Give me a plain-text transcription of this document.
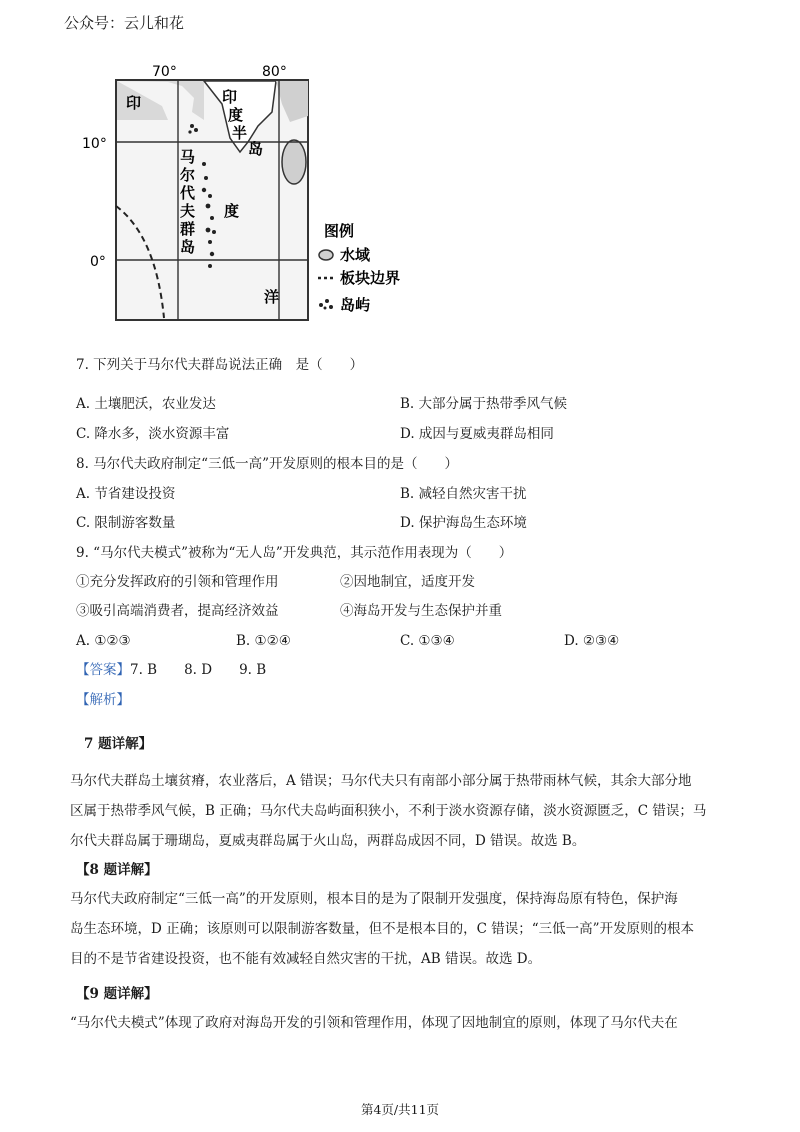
公众号：云儿和花
70°	80°
10°
0°
印	印
度
半
岛
马
尔
代
夫
群
岛
度
洋
图例
水域
板块边界
岛屿
7. 下列关于马尔代夫群岛说法正确　是（　　）
A. 土壤肥沃，农业发达	B. 大部分属于热带季风气候
C. 降水多，淡水资源丰富	D. 成因与夏威夷群岛相同
8. 马尔代夫政府制定“三低一高”开发原则的根本目的是（　　）
A. 节省建设投资	B. 减轻自然灾害干扰
C. 限制游客数量	D. 保护海岛生态环境
9. “马尔代夫模式”被称为“无人岛”开发典范，其示范作用表现为（　　）
①充分发挥政府的引领和管理作用	②因地制宜，适度开发
③吸引高端消费者，提高经济效益	④海岛开发与生态保护并重
A. ①②③	B. ①②④	C. ①③④	D. ②③④
【答案】7. B　　8. D　　9. B
【解析】
7 题详解】
马尔代夫群岛土壤贫瘠，农业落后，A 错误；马尔代夫只有南部小部分属于热带雨林气候，其余大部分地
区属于热带季风气候，B 正确；马尔代夫岛屿面积狭小，不利于淡水资源存储，淡水资源匮乏，C 错误；马
尔代夫群岛属于珊瑚岛，夏威夷群岛属于火山岛，两群岛成因不同，D 错误。故选 B。
【8 题详解】
马尔代夫政府制定“三低一高”的开发原则，根本目的是为了限制开发强度，保持海岛原有特色，保护海
岛生态环境，D 正确；该原则可以限制游客数量，但不是根本目的，C 错误；“三低一高”开发原则的根本
目的不是节省建设投资，也不能有效减轻自然灾害的干扰，AB 错误。故选 D。
【9 题详解】
“马尔代夫模式”体现了政府对海岛开发的引领和管理作用，体现了因地制宜的原则，体现了马尔代夫在
第4页/共11页
